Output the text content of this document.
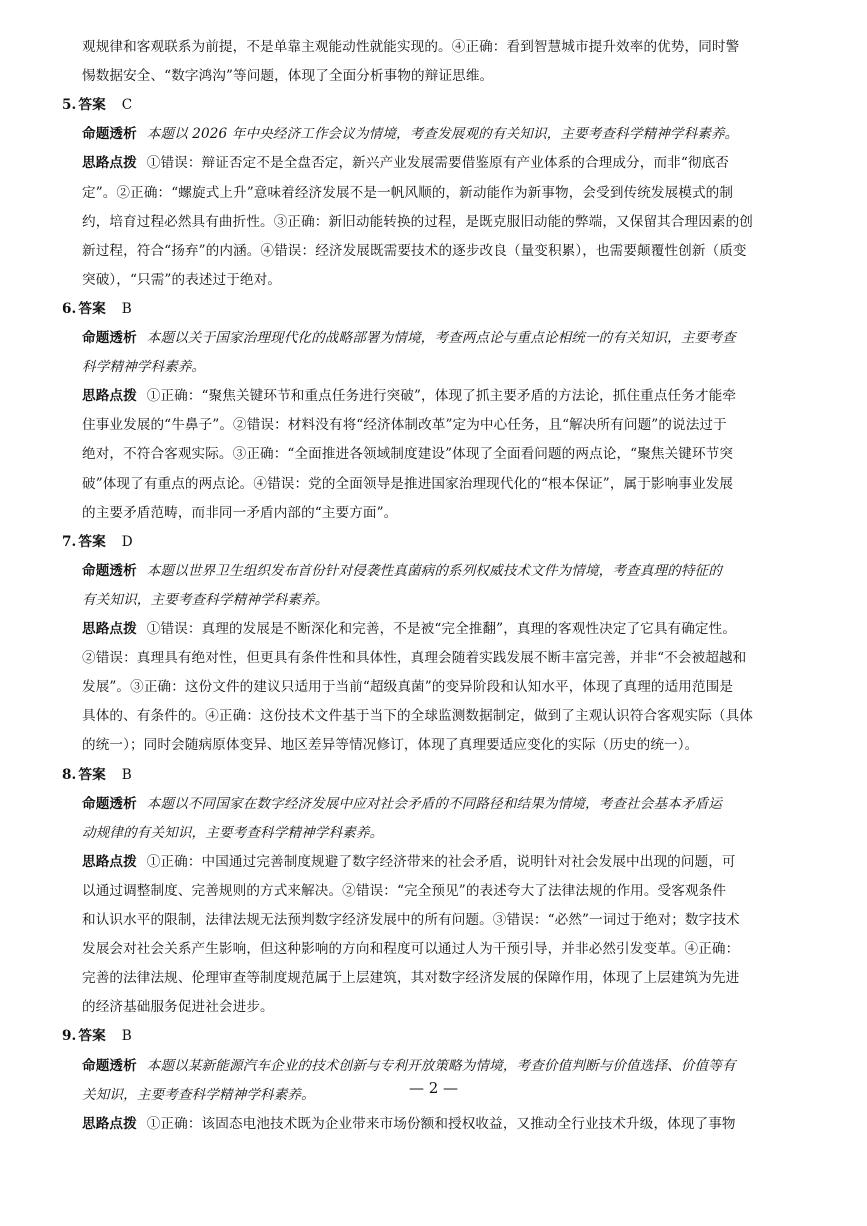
观规律和客观联系为前提，不是单靠主观能动性就能实现的。④正确：看到智慧城市提升效率的优势，同时警
惕数据安全、“数字鸿沟”等问题，体现了全面分析事物的辩证思维。
5. 答案 C
命题透析 本题以 2026 年中央经济工作会议为情境，考查发展观的有关知识，主要考查科学精神学科素养。
思路点拨 ①错误：辩证否定不是全盘否定，新兴产业发展需要借鉴原有产业体系的合理成分，而非“彻底否
定”。②正确：“螺旋式上升”意味着经济发展不是一帆风顺的，新动能作为新事物，会受到传统发展模式的制
约，培育过程必然具有曲折性。③正确：新旧动能转换的过程，是既克服旧动能的弊端，又保留其合理因素的创
新过程，符合“扬弃”的内涵。④错误：经济发展既需要技术的逐步改良（量变积累），也需要颠覆性创新（质变
突破），“只需”的表述过于绝对。
6. 答案 B
命题透析 本题以关于国家治理现代化的战略部署为情境，考查两点论与重点论相统一的有关知识，主要考查
科学精神学科素养。
思路点拨 ①正确：“聚焦关键环节和重点任务进行突破”，体现了抓主要矛盾的方法论，抓住重点任务才能牵
住事业发展的“牛鼻子”。②错误：材料没有将“经济体制改革”定为中心任务，且“解决所有问题”的说法过于
绝对，不符合客观实际。③正确：“全面推进各领域制度建设”体现了全面看问题的两点论，“聚焦关键环节突
破”体现了有重点的两点论。④错误：党的全面领导是推进国家治理现代化的“根本保证”，属于影响事业发展
的主要矛盾范畴，而非同一矛盾内部的“主要方面”。
7. 答案 D
命题透析 本题以世界卫生组织发布首份针对侵袭性真菌病的系列权威技术文件为情境，考查真理的特征的
有关知识，主要考查科学精神学科素养。
思路点拨 ①错误：真理的发展是不断深化和完善，不是被“完全推翻”，真理的客观性决定了它具有确定性。
②错误：真理具有绝对性，但更具有条件性和具体性，真理会随着实践发展不断丰富完善，并非“不会被超越和
发展”。③正确：这份文件的建议只适用于当前“超级真菌”的变异阶段和认知水平，体现了真理的适用范围是
具体的、有条件的。④正确：这份技术文件基于当下的全球监测数据制定，做到了主观认识符合客观实际（具体
的统一）；同时会随病原体变异、地区差异等情况修订，体现了真理要适应变化的实际（历史的统一）。
8. 答案 B
命题透析 本题以不同国家在数字经济发展中应对社会矛盾的不同路径和结果为情境，考查社会基本矛盾运
动规律的有关知识，主要考查科学精神学科素养。
思路点拨 ①正确：中国通过完善制度规避了数字经济带来的社会矛盾，说明针对社会发展中出现的问题，可
以通过调整制度、完善规则的方式来解决。②错误：“完全预见”的表述夸大了法律法规的作用。受客观条件
和认识水平的限制，法律法规无法预判数字经济发展中的所有问题。③错误：“必然”一词过于绝对；数字技术
发展会对社会关系产生影响，但这种影响的方向和程度可以通过人为干预引导，并非必然引发变革。④正确：
完善的法律法规、伦理审查等制度规范属于上层建筑，其对数字经济发展的保障作用，体现了上层建筑为先进
的经济基础服务促进社会进步。
9. 答案 B
命题透析 本题以某新能源汽车企业的技术创新与专利开放策略为情境，考查价值判断与价值选择、价值等有
关知识，主要考查科学精神学科素养。
思路点拨 ①正确：该固态电池技术既为企业带来市场份额和授权收益，又推动全行业技术升级，体现了事物
— 2 —
